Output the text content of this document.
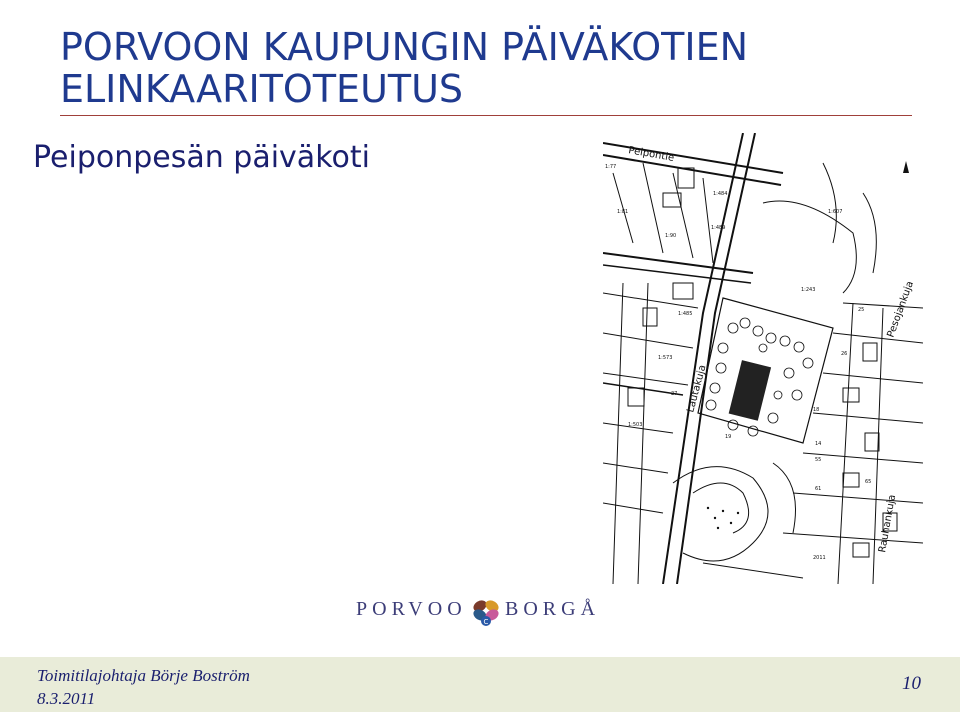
PORVOON KAUPUNGIN PÄIVÄKOTIEN
ELINKAARITOTEUTUS
Peiponpesän päiväkoti	Peipontie
Pesojankuja
Lautakuja
Rauhankuja
1:77
1:484
1:81	1:607
1:489
1:90
1:243
1:485
1:573
1:503
2011
25
26
27
18
19
14
55
61
65
PORVOO
C
BORGÅ
Toimitilajohtaja Börje Boström
8.3.2011
10
